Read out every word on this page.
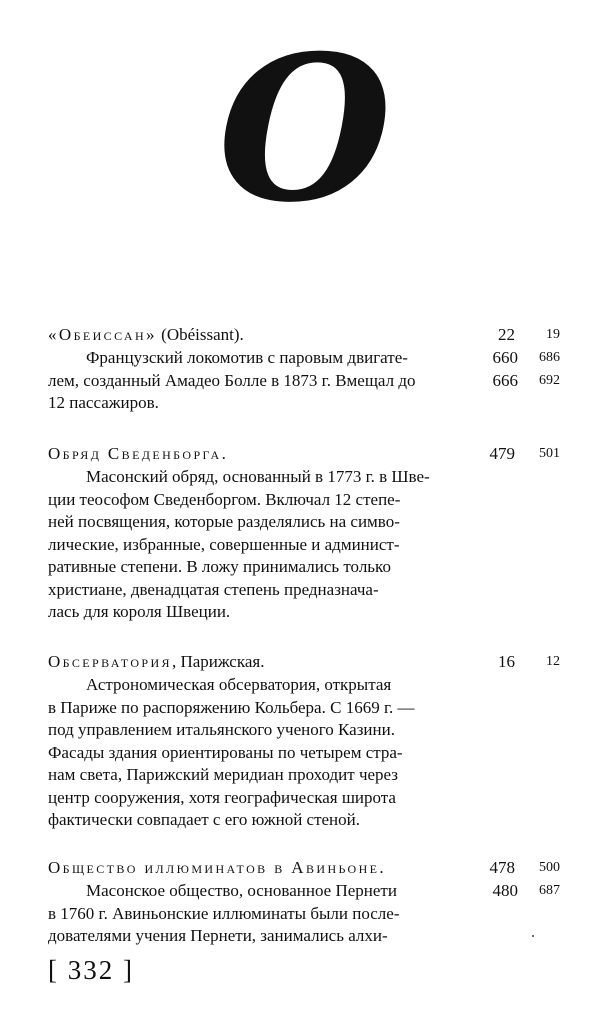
O
«Обеиссан» (Obéissant).	22 19
Французский локомотив с паровым двигате-	660	686
лем, созданный Амадео Болле в 1873 г. Вмещал до	666	692
12 пассажиров.
Обряд Сведенборга.	479 501
Масонский обряд, основанный в 1773 г. в Шве-
ции теософом Сведенборгом. Включал 12 степе-
ней посвящения, которые разделялись на симво-
лические, избранные, совершенные и админист-
ративные степени. В ложу принимались только
христиане, двенадцатая степень предназнача-
лась для короля Швеции.
Обсерватория, Парижская.	16 12
Астрономическая обсерватория, открытая
в Париже по распоряжению Кольбера. С 1669 г. —
под управлением итальянского ученого Казини.
Фасады здания ориентированы по четырем стра-
нам света, Парижский меридиан проходит через
центр сооружения, хотя географическая широта
фактически совпадает с его южной стеной.
Общество иллюминатов в Авиньоне.	478 500
Масонское общество, основанное Пернети	480	687
в 1760 г. Авиньонские иллюминаты были после-
дователями учения Пернети, занимались алхи-
[ 332 ]
